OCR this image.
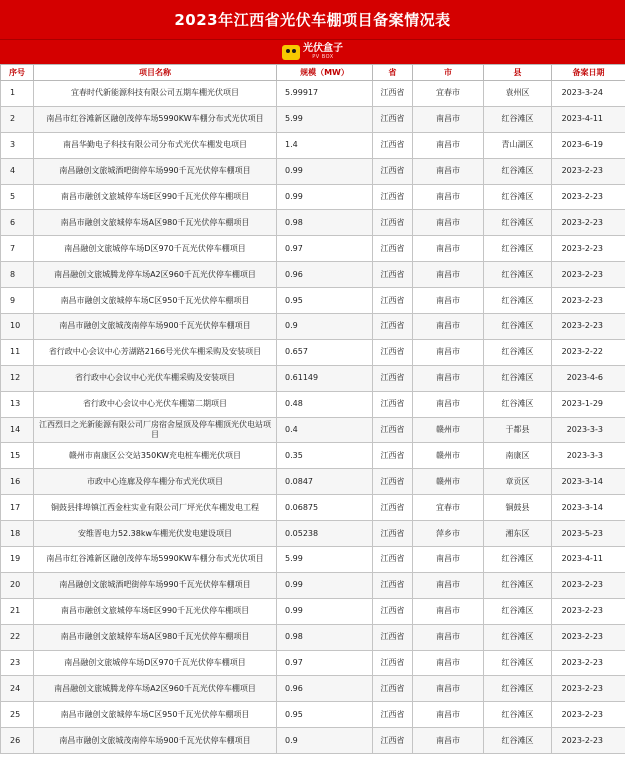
2023年江西省光伏车棚项目备案情况表
光伏盒子
PV BOX
序号	项目名称	规模（MW）	省	市	县	备案日期
1	宜春时代新能源科技有限公司五期车棚光伏项目	5.99917	江西省	宜春市	袁州区	2023-3-24
2	南昌市红谷滩新区融创茂停车场5990KW车棚分布式光伏项目	5.99	江西省	南昌市	红谷滩区	2023-4-11
3	南昌华勤电子科技有限公司分布式光伏车棚发电项目	1.4	江西省	南昌市	青山湖区	2023-6-19
4	南昌融创文旅城酒吧街停车场990千瓦光伏停车棚项目	0.99	江西省	南昌市	红谷滩区	2023-2-23
5	南昌市融创文旅城停车场E区990千瓦光伏停车棚项目	0.99	江西省	南昌市	红谷滩区	2023-2-23
6	南昌市融创文旅城停车场A区980千瓦光伏停车棚项目	0.98	江西省	南昌市	红谷滩区	2023-2-23
7	南昌融创文旅城停车场D区970千瓦光伏停车棚项目	0.97	江西省	南昌市	红谷滩区	2023-2-23
8	南昌融创文旅城腾龙停车场A2区960千瓦光伏停车棚项目	0.96	江西省	南昌市	红谷滩区	2023-2-23
9	南昌市融创文旅城停车场C区950千瓦光伏停车棚项目	0.95	江西省	南昌市	红谷滩区	2023-2-23
10	南昌市融创文旅城茂南停车场900千瓦光伏停车棚项目	0.9	江西省	南昌市	红谷滩区	2023-2-23
11	省行政中心会议中心芳湖路2166号光伏车棚采购及安装项目	0.657	江西省	南昌市	红谷滩区	2023-2-22
12	省行政中心会议中心光伏车棚采购及安装项目	0.61149	江西省	南昌市	红谷滩区	2023-4-6
13	省行政中心会议中心光伏车棚第二期项目	0.48	江西省	南昌市	红谷滩区	2023-1-29
14	江西烈日之光新能源有限公司厂房宿舍屋顶及停车棚顶光伏电站项目	0.4	江西省	赣州市	于都县	2023-3-3
15	赣州市南康区公交站350KW充电桩车棚光伏项目	0.35	江西省	赣州市	南康区	2023-3-3
16	市政中心连廊及停车棚分布式光伏项目	0.0847	江西省	赣州市	章贡区	2023-3-14
17	铜鼓县排埠镇江西金柱实业有限公司厂坪光伏车棚发电工程	0.06875	江西省	宜春市	铜鼓县	2023-3-14
18	安维晋电力52.38kw车棚光伏发电建设项目	0.05238	江西省	萍乡市	湘东区	2023-5-23
19	南昌市红谷滩新区融创茂停车场5990KW车棚分布式光伏项目	5.99	江西省	南昌市	红谷滩区	2023-4-11
20	南昌融创文旅城酒吧街停车场990千瓦光伏停车棚项目	0.99	江西省	南昌市	红谷滩区	2023-2-23
21	南昌市融创文旅城停车场E区990千瓦光伏停车棚项目	0.99	江西省	南昌市	红谷滩区	2023-2-23
22	南昌市融创文旅城停车场A区980千瓦光伏停车棚项目	0.98	江西省	南昌市	红谷滩区	2023-2-23
23	南昌融创文旅城停车场D区970千瓦光伏停车棚项目	0.97	江西省	南昌市	红谷滩区	2023-2-23
24	南昌融创文旅城腾龙停车场A2区960千瓦光伏停车棚项目	0.96	江西省	南昌市	红谷滩区	2023-2-23
25	南昌市融创文旅城停车场C区950千瓦光伏停车棚项目	0.95	江西省	南昌市	红谷滩区	2023-2-23
26	南昌市融创文旅城茂南停车场900千瓦光伏停车棚项目	0.9	江西省	南昌市	红谷滩区	2023-2-23
